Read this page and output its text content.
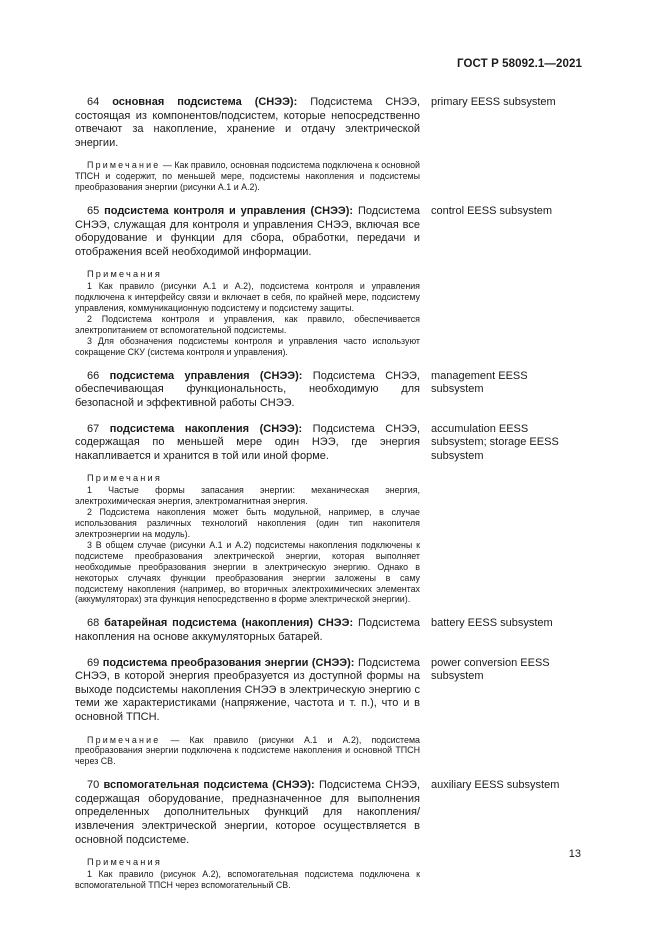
ГОСТ Р 58092.1—2021

64 основная подсистема (СНЭЭ): Подсистема СНЭЭ, состоящая из компонентов/подсистем, которые непосредственно отвечают за накопление, хранение и отдачу электрической энергии.

primary EESS subsystem

Примечание — Как правило, основная подсистема подключена к основной ТПСН и содержит, по меньшей мере, подсистемы накопления и подсистемы преобразования энергии (рисунки А.1 и А.2).

65 подсистема контроля и управления (СНЭЭ): Подсистема СНЭЭ, служащая для контроля и управления СНЭЭ, включая все оборудование и функции для сбора, обработки, передачи и отображения всей необходимой информации.

control EESS subsystem
Примечания

1 Как правило (рисунки А.1 и А.2), подсистема контроля и управления подключена к интерфейсу связи и включает в себя, по крайней мере, подсистему управления, коммуникационную подсистему и подсистему защиты.

2 Подсистема контроля и управления, как правило, обеспечивается электропитанием от вспомогательной подсистемы.

3 Для обозначения подсистемы контроля и управления часто используют сокращение СКУ (система контроля и управления).

66 подсистема управления (СНЭЭ): Подсистема СНЭЭ, обеспечивающая функциональность, необходимую для безопасной и эффективной работы СНЭЭ.

management EESS subsystem

67 подсистема накопления (СНЭЭ): Подсистема СНЭЭ, содержащая по меньшей мере один НЭЭ, где энергия накапливается и хранится в той или иной форме.

accumulation EESS subsystem; storage EESS subsystem
Примечания

1 Частые формы запасания энергии: механическая энергия, электрохимическая энергия, электромагнитная энергия.

2 Подсистема накопления может быть модульной, например, в случае использования различных технологий накопления (один тип накопителя электроэнергии на модуль).

3 В общем случае (рисунки А.1 и А.2) подсистемы накопления подключены к подсистеме преобразования электрической энергии, которая выполняет необходимые преобразования энергии в электрическую энергию. Однако в некоторых случаях функции преобразования энергии заложены в саму подсистему накопления (например, во вторичных электрохимических элементах (аккумуляторах) эта функция непосредственно в форме электрической энергии).

68 батарейная подсистема (накопления) СНЭЭ: Подсистема накопления на основе аккумуляторных батарей.

battery EESS subsystem

69 подсистема преобразования энергии (СНЭЭ): Подсистема СНЭЭ, в которой энергия преобразуется из доступной формы на выходе подсистемы накопления СНЭЭ в электрическую энергию с теми же характеристиками (напряжение, частота и т. п.), что и в основной ТПСН.

power conversion EESS subsystem

Примечание — Как правило (рисунки А.1 и А.2), подсистема преобразования энергии подключена к подсистеме накопления и основной ТПСН через СВ.

70 вспомогательная подсистема (СНЭЭ): Подсистема СНЭЭ, содержащая оборудование, предназначенное для выполнения определенных дополнительных функций для накопления/извлечения электрической энергии, которое осуществляется в основной подсистеме.

auxiliary EESS subsystem
Примечания

1 Как правило (рисунок А.2), вспомогательная подсистема подключена к вспомогательной ТПСН через вспомогательный СВ.

13
